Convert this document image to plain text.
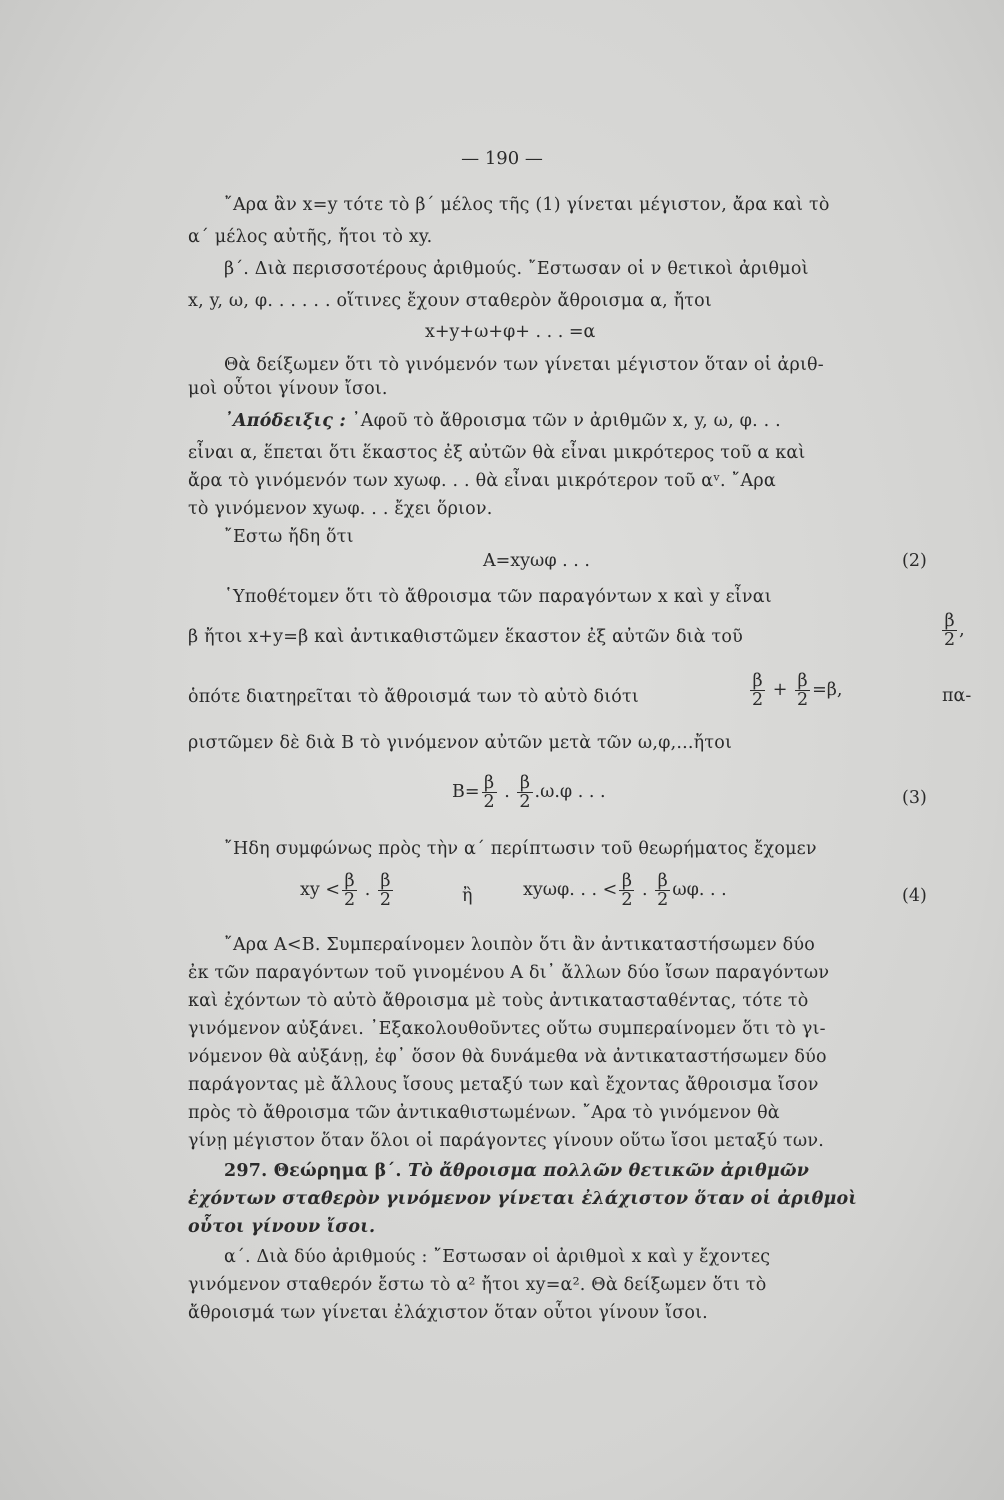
— 190 —
῎Αρα ἂν x=y τότε τὸ β΄ μέλος τῆς (1) γίνεται μέγιστον, ἄρα καὶ τὸ
α΄ μέλος αὐτῆς, ἤτοι τὸ xy.
β΄. Διὰ περισσοτέρους ἀριθμούς. ῎Εστωσαν οἱ ν θετικοὶ ἀριθμοὶ
x, y, ω, φ. . . . . . οἵτινες ἔχουν σταθερὸν ἄθροισμα α, ἤτοι
x+y+ω+φ+ . . . =α
Θὰ δείξωμεν ὅτι τὸ γινόμενόν των γίνεται μέγιστον ὅταν οἱ ἀριθ-
μοὶ οὗτοι γίνουν ἴσοι.
᾿Απόδειξις : ᾿Αφοῦ τὸ ἄθροισμα τῶν ν ἀριθμῶν x, y, ω, φ. . .
εἶναι α, ἕπεται ὅτι ἕκαστος ἐξ αὐτῶν θὰ εἶναι μικρότερος τοῦ α καὶ
ἄρα τὸ γινόμενόν των xyωφ. . . θὰ εἶναι μικρότερον τοῦ αᵛ. ῎Αρα
τὸ γινόμενον xyωφ. . . ἔχει ὅριον.
῎Εστω ἤδη ὅτι
Α=xyωφ . . .	(2)
῾Υποθέτομεν ὅτι τὸ ἄθροισμα τῶν παραγόντων x καὶ y εἶναι
β ἤτοι x+y=β καὶ ἀντικαθιστῶμεν ἕκαστον ἐξ αὐτῶν διὰ τοῦ	$\frac{\beta}{2}$ ,
ὁπότε διατηρεῖται τὸ ἄθροισμά των τὸ αὐτὸ διότι	$\frac{\beta}{2} + \frac{\beta}{2} =\beta$,	πα-
ριστῶμεν δὲ διὰ Β τὸ γινόμενον αὐτῶν μετὰ τῶν ω,φ,...ἤτοι
$B= \frac{\beta}{2}$ . $\frac{\beta}{2} .\omega.\varphi$ . . .	(3)
῎Ηδη συμφώνως πρὸς τὴν α΄ περίπτωσιν τοῦ θεωρήματος ἔχομεν
xy < $\frac{\beta}{2}$ . $\frac{\beta}{2}$	ἢ	xyωφ. . . < $\frac{\beta}{2}$ . $\frac{\beta}{2} \omega\varphi$. . .	(4)
῎Αρα Α<Β. Συμπεραίνομεν λοιπὸν ὅτι ἂν ἀντικαταστήσωμεν δύο
ἐκ τῶν παραγόντων τοῦ γινομένου Α δι᾿ ἄλλων δύο ἴσων παραγόντων
καὶ ἐχόντων τὸ αὐτὸ ἄθροισμα μὲ τοὺς ἀντικατασταθέντας, τότε τὸ
γινόμενον αὐξάνει. ᾿Εξακολουθοῦντες οὕτω συμπεραίνομεν ὅτι τὸ γι-
νόμενον θὰ αὐξάνῃ, ἐφ᾿ ὅσον θὰ δυνάμεθα νὰ ἀντικαταστήσωμεν δύο
παράγοντας μὲ ἄλλους ἴσους μεταξύ των καὶ ἔχοντας ἄθροισμα ἴσον
πρὸς τὸ ἄθροισμα τῶν ἀντικαθιστωμένων. ῎Αρα τὸ γινόμενον θὰ
γίνῃ μέγιστον ὅταν ὅλοι οἱ παράγοντες γίνουν οὕτω ἴσοι μεταξύ των.
297. Θεώρημα β΄. Τὸ ἄθροισμα πολλῶν θετικῶν ἀριθμῶν
ἐχόντων σταθερὸν γινόμενον γίνεται ἐλάχιστον ὅταν οἱ ἀριθμοὶ
οὗτοι γίνουν ἴσοι.
α΄. Διὰ δύο ἀριθμούς : ῎Εστωσαν οἱ ἀριθμοὶ x καὶ y ἔχοντες
γινόμενον σταθερόν ἔστω τὸ α² ἤτοι xy=α². Θὰ δείξωμεν ὅτι τὸ
ἄθροισμά των γίνεται ἐλάχιστον ὅταν οὗτοι γίνουν ἴσοι.
